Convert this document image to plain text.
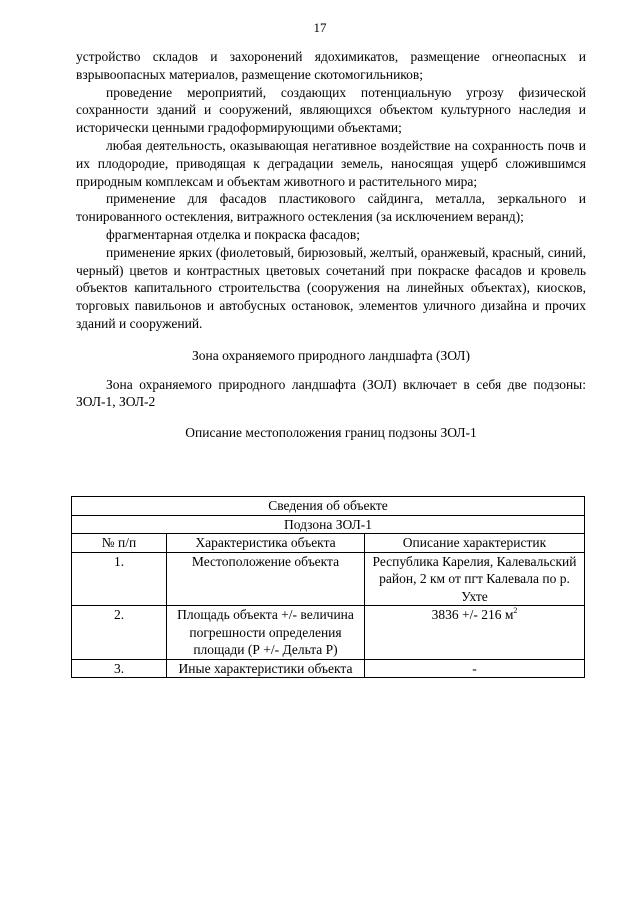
17

устройство складов и захоронений ядохимикатов, размещение огнеопасных и взрывоопасных материалов, размещение скотомогильников;

проведение мероприятий, создающих потенциальную угрозу физической сохранности зданий и сооружений, являющихся объектом культурного наследия и исторически ценными градоформирующими объектами;

любая деятельность, оказывающая негативное воздействие на сохранность почв и их плодородие, приводящая к деградации земель, наносящая ущерб сложившимся природным комплексам и объектам животного и растительного мира;

применение для фасадов пластикового сайдинга, металла, зеркального и тонированного остекления, витражного остекления (за исключением веранд);

фрагментарная отделка и покраска фасадов;

применение ярких (фиолетовый, бирюзовый, желтый, оранжевый, красный, синий, черный) цветов и контрастных цветовых сочетаний при покраске фасадов и кровель объектов капитального строительства (сооружения на линейных объектах), киосков, торговых павильонов и автобусных остановок, элементов уличного дизайна и прочих зданий и сооружений.

Зона охраняемого природного ландшафта (ЗОЛ)

Зона охраняемого природного ландшафта (ЗОЛ) включает в себя две подзоны: ЗОЛ-1, ЗОЛ-2

Описание местоположения границ подзоны ЗОЛ-1

Сведения об объекте		
Подзона ЗОЛ-1		
№ п/п	Характеристика объекта	Описание характеристик
1.	Местоположение объекта	Республика Карелия, Калевальский район, 2 км от пгт Калевала по р. Ухте
2.	Площадь объекта +/- величина погрешности определения площади (Р +/- Дельта Р)	3836 +/- 216 $м^2$
3.	Иные характеристики объекта	-
